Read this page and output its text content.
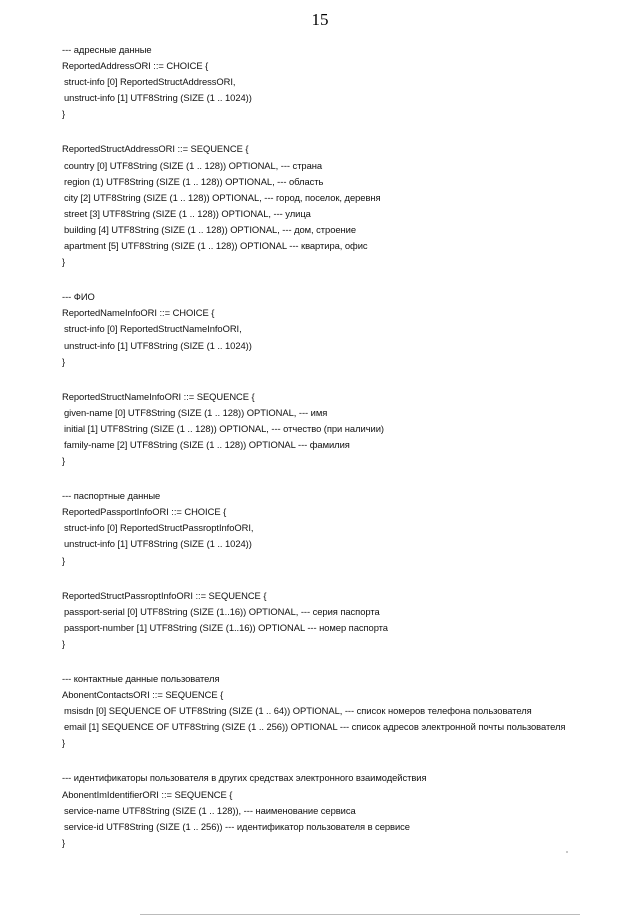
15
--- адресные данные
ReportedAddressORI ::= CHOICE {
struct-info [0] ReportedStructAddressORI,
unstruct-info [1] UTF8String (SIZE (1 .. 1024))
}
ReportedStructAddressORI ::= SEQUENCE {
country [0] UTF8String (SIZE (1 .. 128)) OPTIONAL, --- страна
region (1) UTF8String (SIZE (1 .. 128)) OPTIONAL, --- область
city [2] UTF8String (SIZE (1 .. 128)) OPTIONAL, --- город, поселок, деревня
street [3] UTF8String (SIZE (1 .. 128)) OPTIONAL, --- улица
building [4] UTF8String (SIZE (1 .. 128)) OPTIONAL, --- дом, строение
apartment [5] UTF8String (SIZE (1 .. 128)) OPTIONAL --- квартира, офис
}
--- ФИО
ReportedNameInfoORI ::= CHOICE {
struct-info [0] ReportedStructNameInfoORI,
unstruct-info [1] UTF8String (SIZE (1 .. 1024))
}
ReportedStructNameInfoORI ::= SEQUENCE {
given-name [0] UTF8String (SIZE (1 .. 128)) OPTIONAL, --- имя
initial [1] UTF8String (SIZE (1 .. 128)) OPTIONAL, --- отчество (при наличии)
family-name [2] UTF8String (SIZE (1 .. 128)) OPTIONAL --- фамилия
}
--- паспортные данные
ReportedPassportInfoORI ::= CHOICE {
struct-info [0] ReportedStructPassroptInfoORI,
unstruct-info [1] UTF8String (SIZE (1 .. 1024))
}
ReportedStructPassroptInfoORI ::= SEQUENCE {
passport-serial [0] UTF8String (SIZE (1..16)) OPTIONAL, --- серия паспорта
passport-number [1] UTF8String (SIZE (1..16)) OPTIONAL --- номер паспорта
}
--- контактные данные пользователя
AbonentContactsORI ::= SEQUENCE {
msisdn [0] SEQUENCE OF UTF8String (SIZE (1 .. 64)) OPTIONAL, --- список номеров телефона пользователя
email [1] SEQUENCE OF UTF8String (SIZE (1 .. 256)) OPTIONAL --- список адресов электронной почты пользователя
}
--- идентификаторы пользователя в других средствах электронного взаимодействия
AbonentImIdentifierORI ::= SEQUENCE {
service-name UTF8String (SIZE (1 .. 128)), --- наименование сервиса
service-id UTF8String (SIZE (1 .. 256)) --- идентификатор пользователя в сервисе
}
